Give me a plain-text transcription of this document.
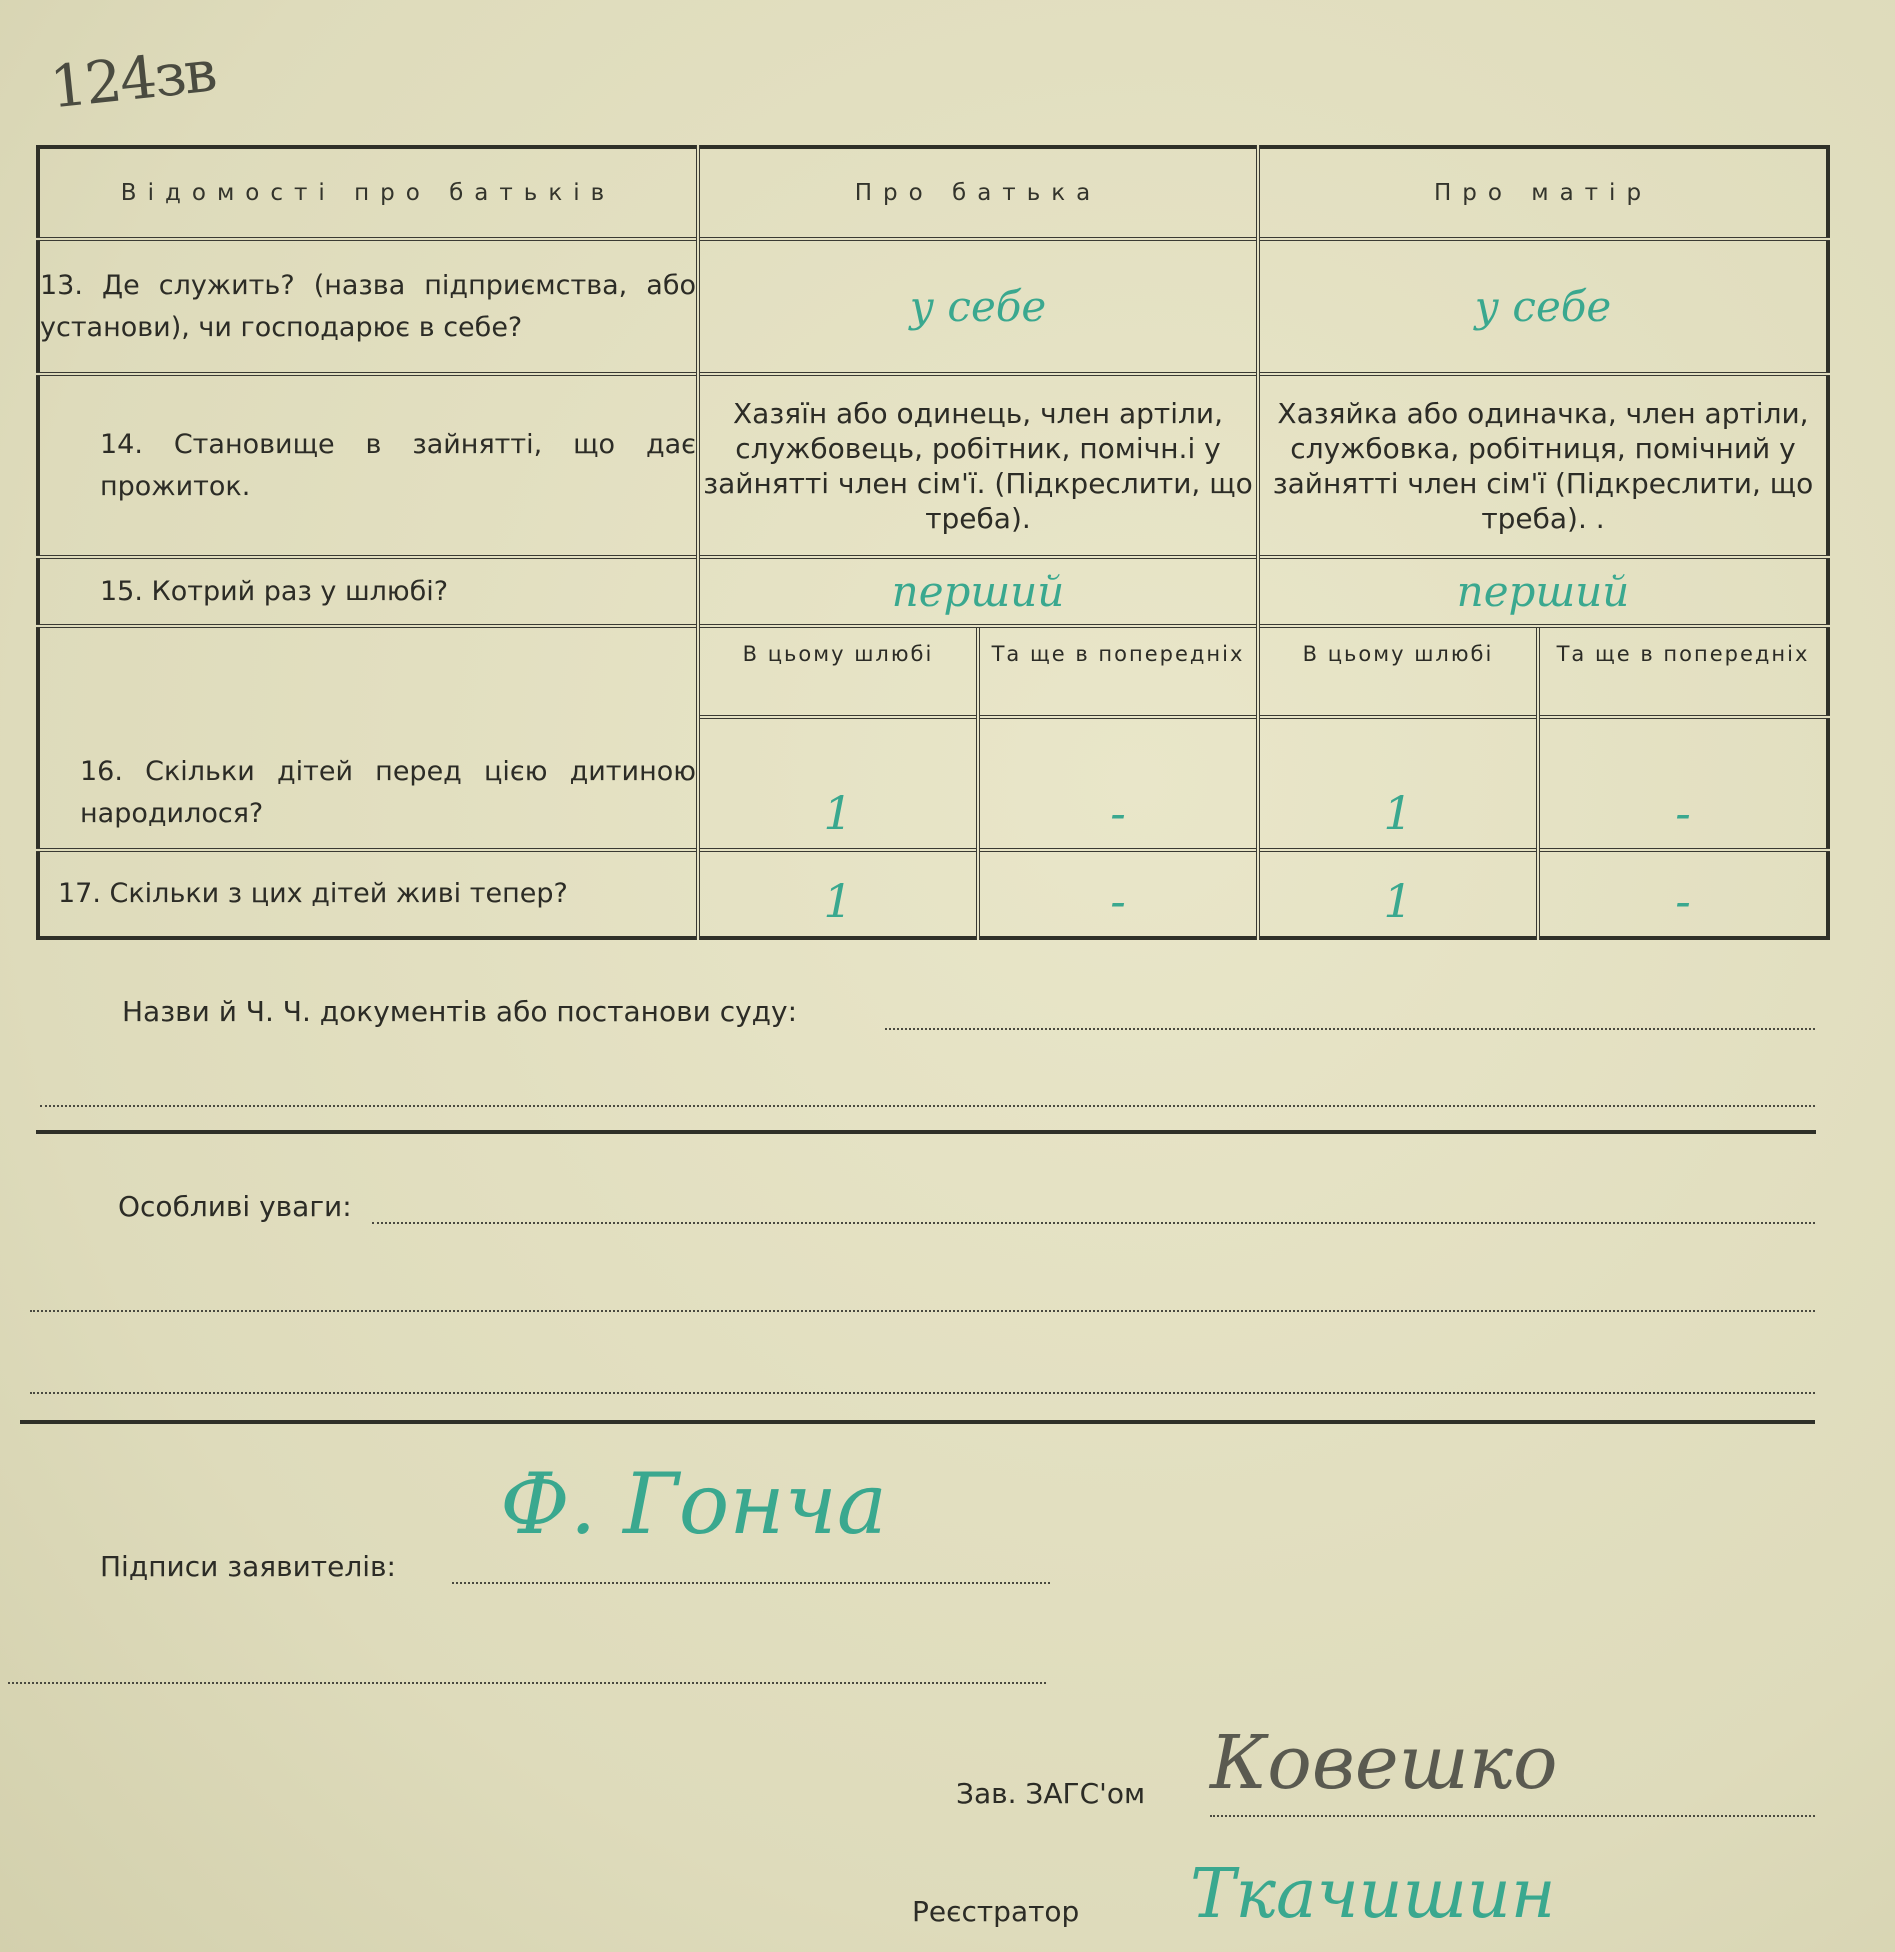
124зв
Відомості про батьків	Про батька		Про матір	
13. Де служить? (назва підприємства, або установи), чи господарює в себе?	у себе		у себе	
14. Становище в зайнятті, що дає прожиток.	Хазяїн або одинець, член артіли, службовець, робітник, помічн.і у зайнятті член сім'ї. (Підкреслити, що треба).		Хазяйка або одиначка, член артіли, службовка, робітниця, помічний у зайнятті член сім'ї (Підкреслити, що треба). .	
15. Котрий раз у шлюбі?	перший		перший	
16. Скільки дітей перед цією дитиною народилося?	В цьому шлюбі	Та ще в попередніх	В цьому шлюбі	Та ще в попередніх
	1	-	1	-
17. Скільки з цих дітей живі тепер?	1	-	1	-
Назви й Ч. Ч. документів або постанови суду:
Особливі уваги:
Підписи заявителів:
Ф. Гонча
Зав. ЗАГС'ом Ковешко
Реєстратор Ткачишин
